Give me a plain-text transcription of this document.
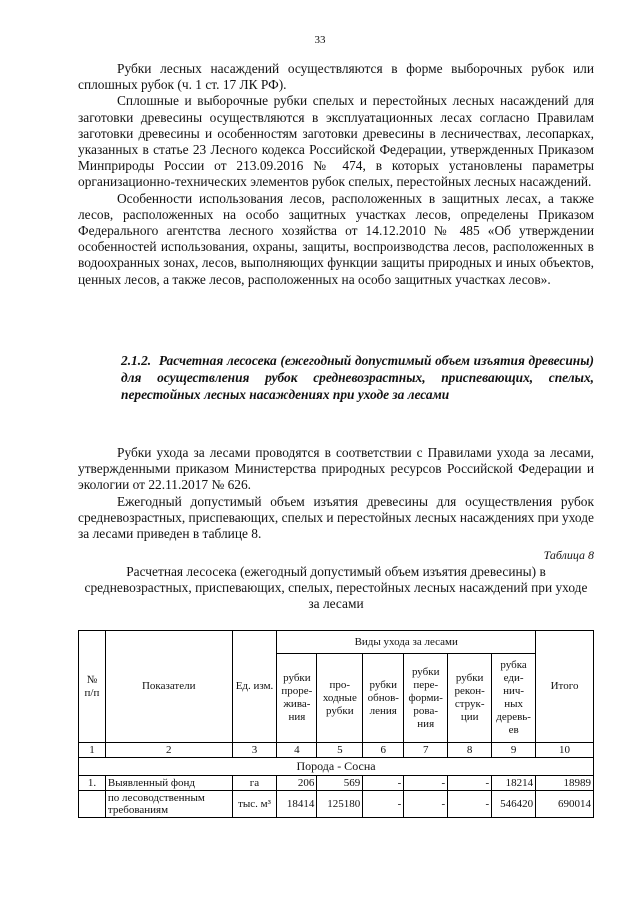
33

Рубки лесных насаждений осуществляются в форме выборочных рубок или сплошных рубок (ч. 1 ст. 17 ЛК РФ).

Сплошные и выборочные рубки спелых и перестойных лесных насаждений для заготовки древесины осуществляются в эксплуатационных лесах согласно Правилам заготовки древесины и особенностям заготовки древесины в лесничествах, лесопарках, указанных в статье 23 Лесного кодекса Российской Федерации, утвержденных Приказом Минприроды России от 213.09.2016 № 474, в которых установлены параметры организационно-технических элементов рубок спелых, перестойных лесных насаждений.

Особенности использования лесов, расположенных в защитных лесах, а также лесов, расположенных на особо защитных участках лесов, определены Приказом Федерального агентства лесного хозяйства от 14.12.2010 № 485 «Об утверждении особенностей использования, охраны, защиты, воспроизводства лесов, расположенных в водоохранных зонах, лесов, выполняющих функции защиты природных и иных объектов, ценных лесов, а также лесов, расположенных на особо защитных участках лесов».

2.1.2. Расчетная лесосека (ежегодный допустимый объем изъятия древесины) для осуществления рубок средневозрастных, приспевающих, спелых, перестойных лесных насаждениях при уходе за лесами

Рубки ухода за лесами проводятся в соответствии с Правилами ухода за лесами, утвержденными приказом Министерства природных ресурсов Российской Федерации и экологии от 22.11.2017 № 626.

Ежегодный допустимый объем изъятия древесины для осуществления рубок средневозрастных, приспевающих, спелых и перестойных лесных насаждениях при уходе за лесами приведен в таблице 8.

Таблица 8
Расчетная лесосека (ежегодный допустимый объем изъятия древесины) в средневозрастных, приспевающих, спелых, перестойных лесных насаждений при уходе за лесами
№ п/п	Показатели	Ед. изм.	Виды ухода за лесами						Итого
			рубки проре-жива-ния	про-ходные рубки	рубки обнов-ления	рубки пере-форми-рова-ния	рубки рекон-струк-ции	рубка еди-нич-ных деревь-ев	
1	2	3	4	5	6	7	8	9	10
Порода - Сосна									
1.	Выявленный фонд	га	206	569	-	-	-	18214	18989
	по лесоводственным требованиям	тыс. м³	18414	125180	-	-	-	546420	690014
